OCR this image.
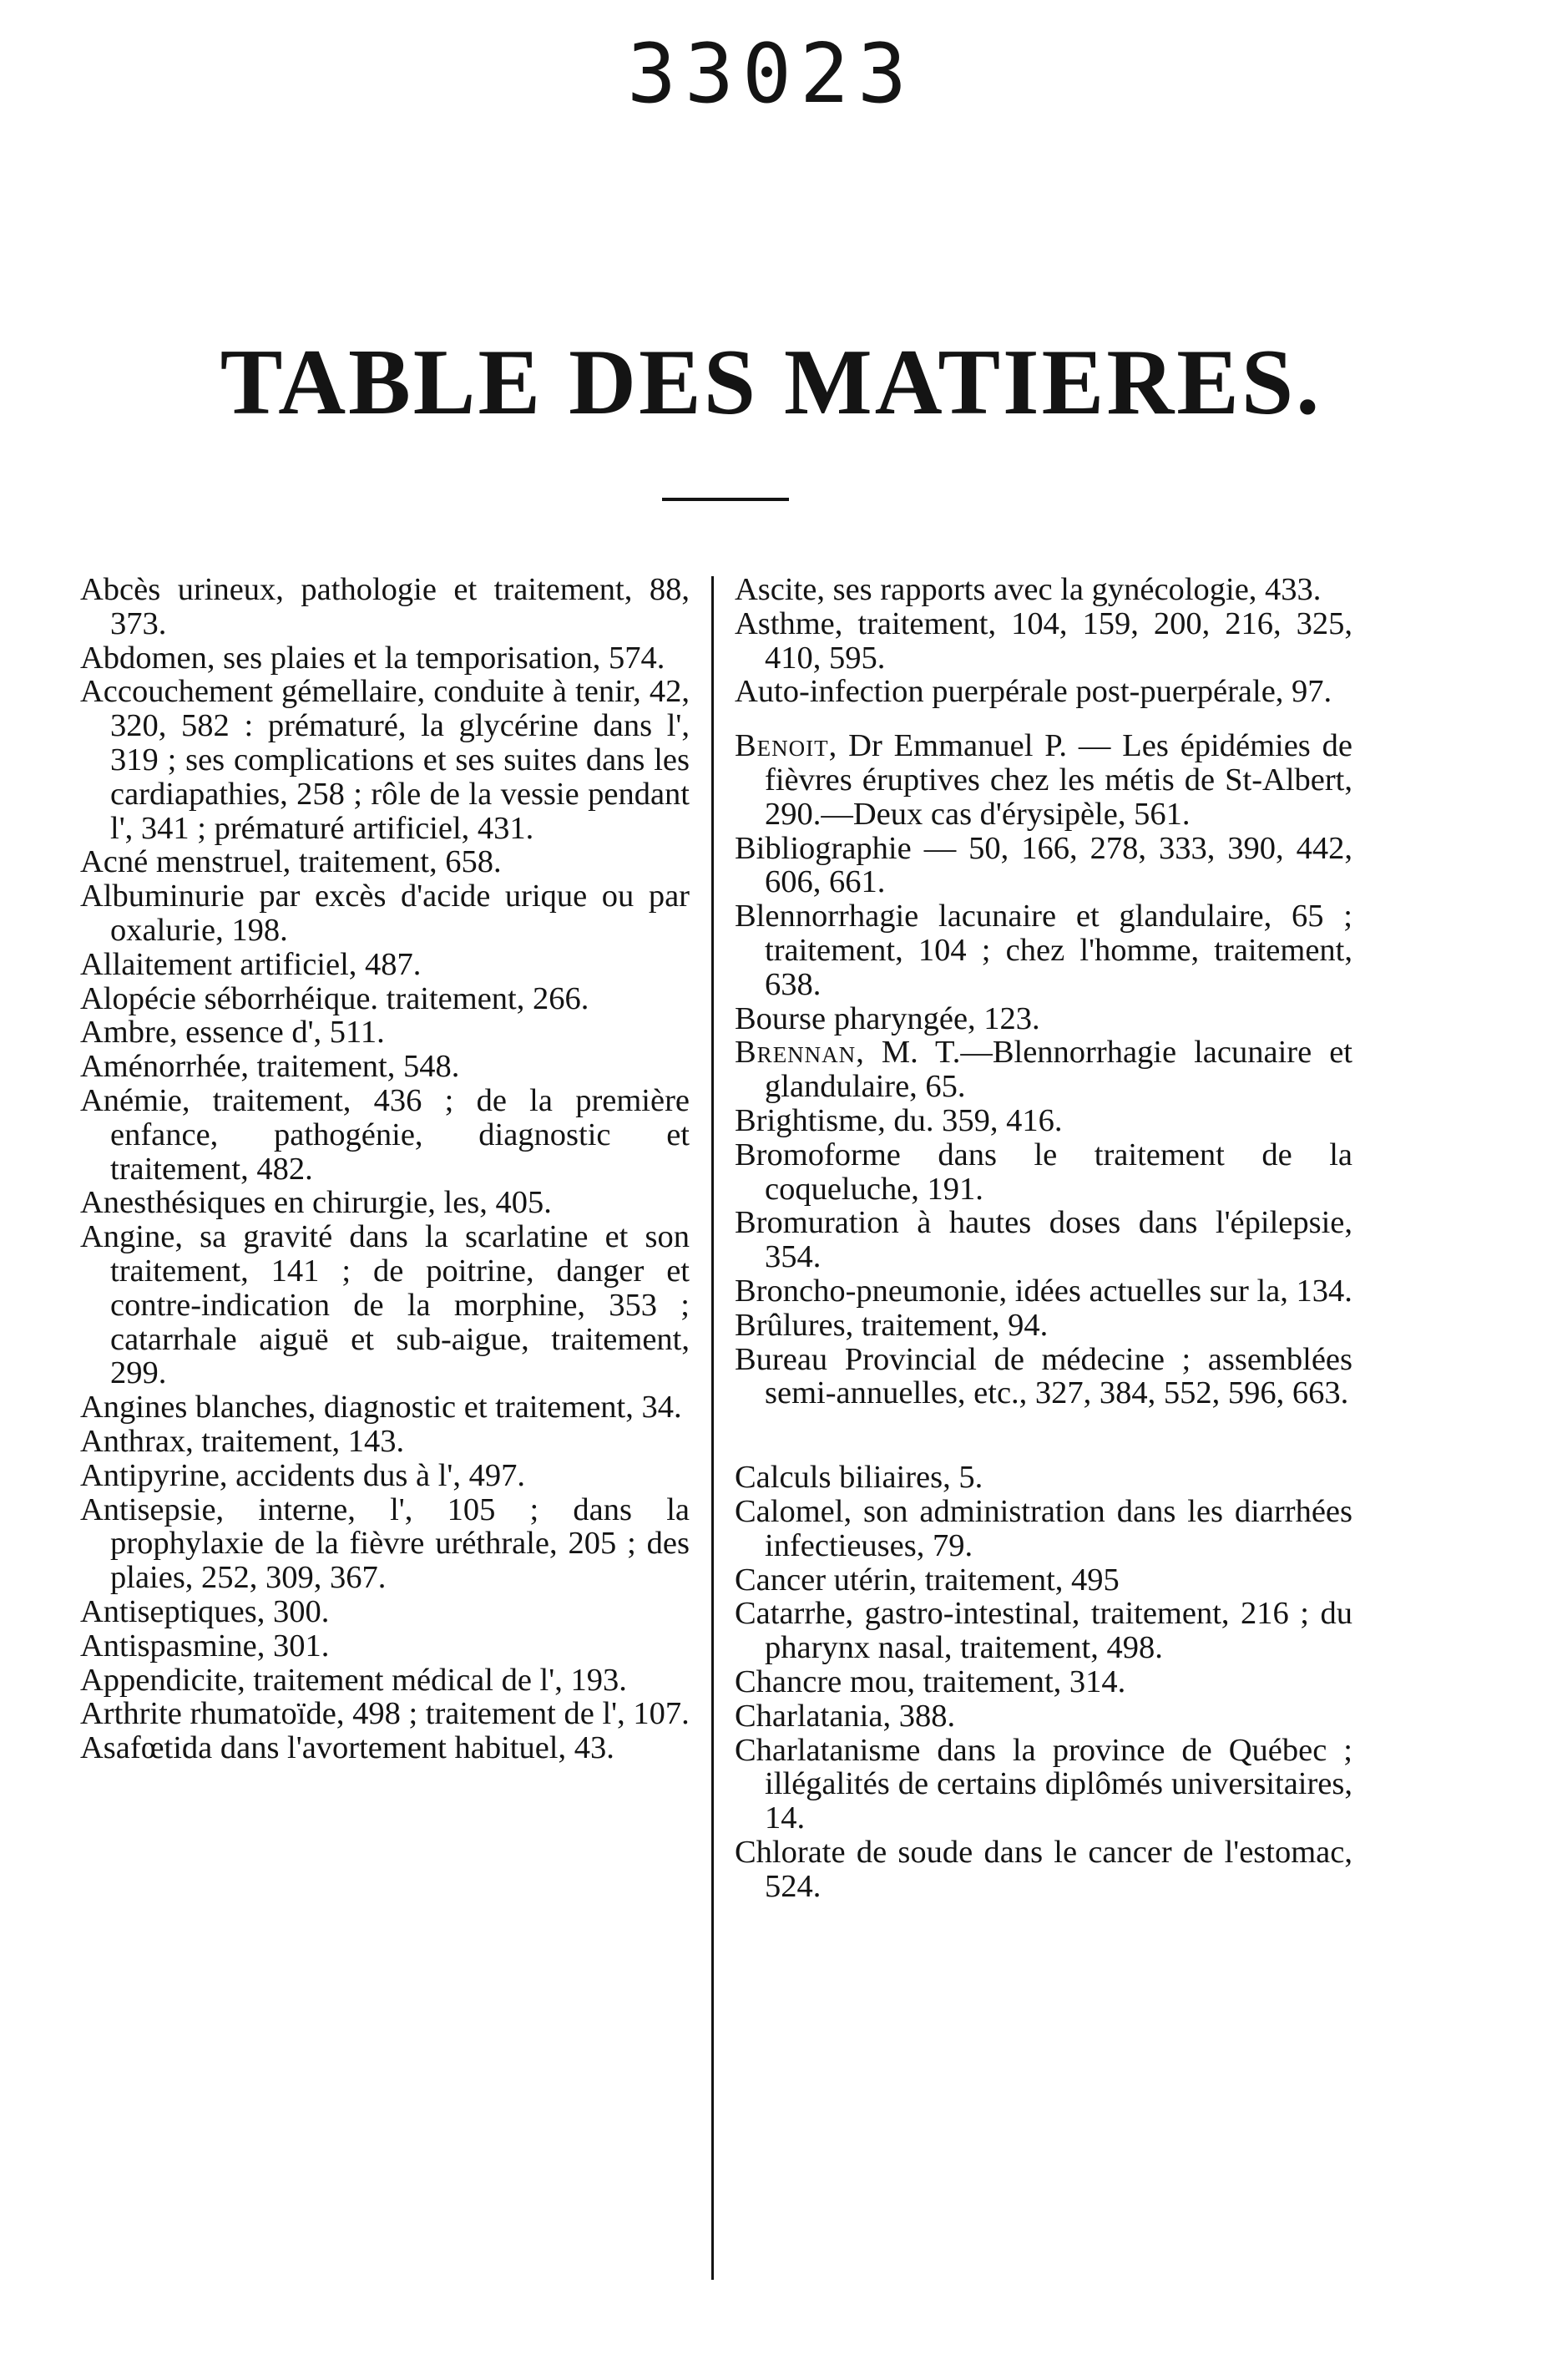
33023
TABLE DES MATIERES.

Abcès urineux, pathologie et traitement, 88, 373.

Abdomen, ses plaies et la temporisation, 574.

Accouchement gémellaire, conduite à tenir, 42, 320, 582 : prématuré, la glycérine dans l', 319 ; ses complications et ses suites dans les cardiapathies, 258 ; rôle de la vessie pendant l', 341 ; prématuré artificiel, 431.

Acné menstruel, traitement, 658.

Albuminurie par excès d'acide urique ou par oxalurie, 198.

Allaitement artificiel, 487.

Alopécie séborrhéique. traitement, 266.

Ambre, essence d', 511.

Aménorrhée, traitement, 548.

Anémie, traitement, 436 ; de la première enfance, pathogénie, diagnostic et traitement, 482.

Anesthésiques en chirurgie, les, 405.

Angine, sa gravité dans la scarlatine et son traitement, 141 ; de poitrine, danger et contre-indication de la morphine, 353 ; catarrhale aiguë et sub-aigue, traitement, 299.

Angines blanches, diagnostic et traitement, 34.

Anthrax, traitement, 143.

Antipyrine, accidents dus à l', 497.

Antisepsie, interne, l', 105 ; dans la prophylaxie de la fièvre uréthrale, 205 ; des plaies, 252, 309, 367.

Antiseptiques, 300.

Antispasmine, 301.

Appendicite, traitement médical de l', 193.

Arthrite rhumatoïde, 498 ; traitement de l', 107.

Asafœtida dans l'avortement habituel, 43.

Ascite, ses rapports avec la gynécologie, 433.

Asthme, traitement, 104, 159, 200, 216, 325, 410, 595.

Auto-infection puerpérale post-puerpérale, 97.

Benoit, Dr Emmanuel P. — Les épidémies de fièvres éruptives chez les métis de St-Albert, 290.—Deux cas d'érysipèle, 561.

Bibliographie — 50, 166, 278, 333, 390, 442, 606, 661.

Blennorrhagie lacunaire et glandulaire, 65 ; traitement, 104 ; chez l'homme, traitement, 638.

Bourse pharyngée, 123.

Brennan, M. T.—Blennorrhagie lacunaire et glandulaire, 65.

Brightisme, du. 359, 416.

Bromoforme dans le traitement de la coqueluche, 191.

Bromuration à hautes doses dans l'épilepsie, 354.

Broncho-pneumonie, idées actuelles sur la, 134.

Brûlures, traitement, 94.

Bureau Provincial de médecine ; assemblées semi-annuelles, etc., 327, 384, 552, 596, 663.

Calculs biliaires, 5.

Calomel, son administration dans les diarrhées infectieuses, 79.

Cancer utérin, traitement, 495

Catarrhe, gastro-intestinal, traitement, 216 ; du pharynx nasal, traitement, 498.

Chancre mou, traitement, 314.

Charlatania, 388.

Charlatanisme dans la province de Québec ; illégalités de certains diplômés universitaires, 14.

Chlorate de soude dans le cancer de l'estomac, 524.
